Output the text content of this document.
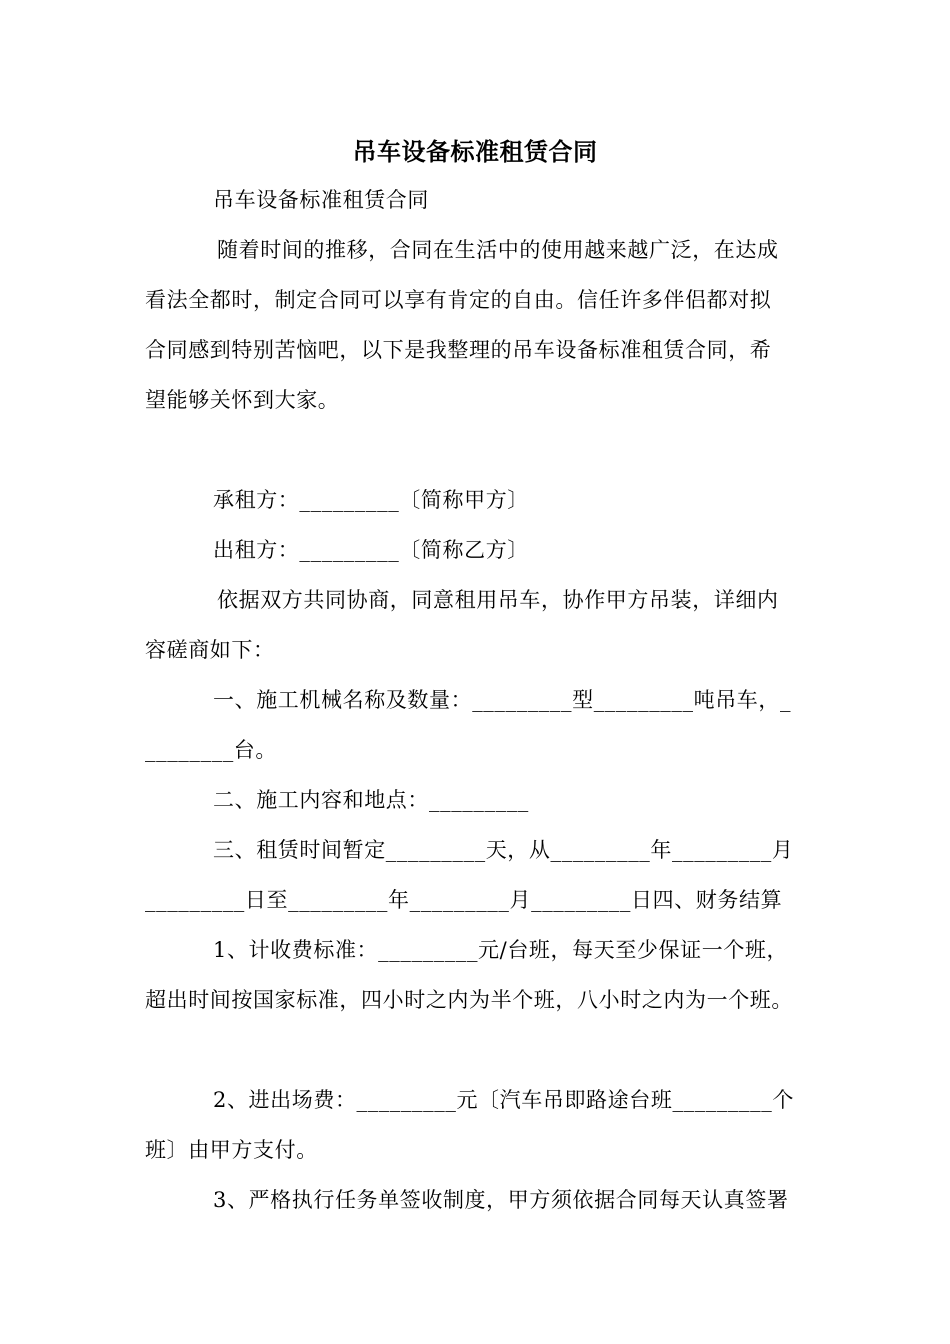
吊车设备标准租赁合同
吊车设备标准租赁合同
随着时间的推移，合同在生活中的使用越来越广泛，在达成
看法全都时，制定合同可以享有肯定的自由。信任许多伴侣都对拟
合同感到特别苦恼吧，以下是我整理的吊车设备标准租赁合同，希
望能够关怀到大家。
承租方：_________〔简称甲方〕
出租方：_________〔简称乙方〕
依据双方共同协商，同意租用吊车，协作甲方吊装，详细内
容磋商如下：
一、施工机械名称及数量：_________型_________吨吊车，_
________台。
二、施工内容和地点：_________
三、租赁时间暂定_________天，从_________年_________月
_________日至_________年_________月_________日四、财务结算
1、计收费标准：_________元/台班，每天至少保证一个班，
超出时间按国家标准，四小时之内为半个班，八小时之内为一个班。
2、进出场费：_________元〔汽车吊即路途台班_________个
班〕由甲方支付。
3、严格执行任务单签收制度，甲方须依据合同每天认真签署
